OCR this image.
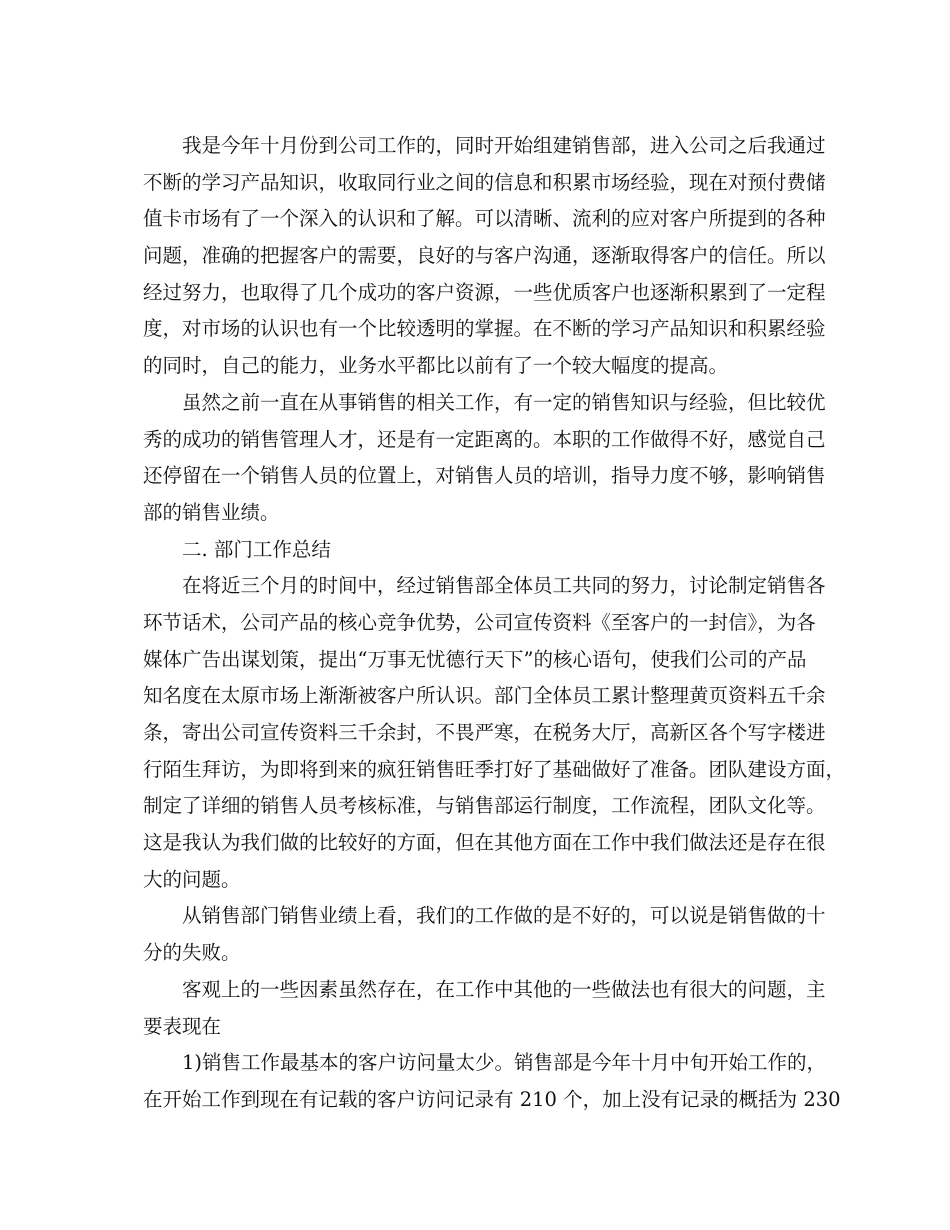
我是今年十月份到公司工作的，同时开始组建销售部，进入公司之后我通过
不断的学习产品知识，收取同行业之间的信息和积累市场经验，现在对预付费储
值卡市场有了一个深入的认识和了解。可以清晰、流利的应对客户所提到的各种
问题，准确的把握客户的需要，良好的与客户沟通，逐渐取得客户的信任。所以
经过努力，也取得了几个成功的客户资源，一些优质客户也逐渐积累到了一定程
度，对市场的认识也有一个比较透明的掌握。在不断的学习产品知识和积累经验
的同时，自己的能力，业务水平都比以前有了一个较大幅度的提高。
虽然之前一直在从事销售的相关工作，有一定的销售知识与经验，但比较优
秀的成功的销售管理人才，还是有一定距离的。本职的工作做得不好，感觉自己
还停留在一个销售人员的位置上，对销售人员的培训，指导力度不够，影响销售
部的销售业绩。
二. 部门工作总结
在将近三个月的时间中，经过销售部全体员工共同的努力，讨论制定销售各
环节话术，公司产品的核心竞争优势，公司宣传资料《至客户的一封信》，为各
媒体广告出谋划策，提出“万事无忧德行天下”的核心语句，使我们公司的产品
知名度在太原市场上渐渐被客户所认识。部门全体员工累计整理黄页资料五千余
条，寄出公司宣传资料三千余封，不畏严寒，在税务大厅，高新区各个写字楼进
行陌生拜访，为即将到来的疯狂销售旺季打好了基础做好了准备。团队建设方面，
制定了详细的销售人员考核标准，与销售部运行制度，工作流程，团队文化等。
这是我认为我们做的比较好的方面，但在其他方面在工作中我们做法还是存在很
大的问题。
从销售部门销售业绩上看，我们的工作做的是不好的，可以说是销售做的十
分的失败。
客观上的一些因素虽然存在，在工作中其他的一些做法也有很大的问题，主
要表现在
1)销售工作最基本的客户访问量太少。销售部是今年十月中旬开始工作的，
在开始工作到现在有记载的客户访问记录有 210 个，加上没有记录的概括为 230
